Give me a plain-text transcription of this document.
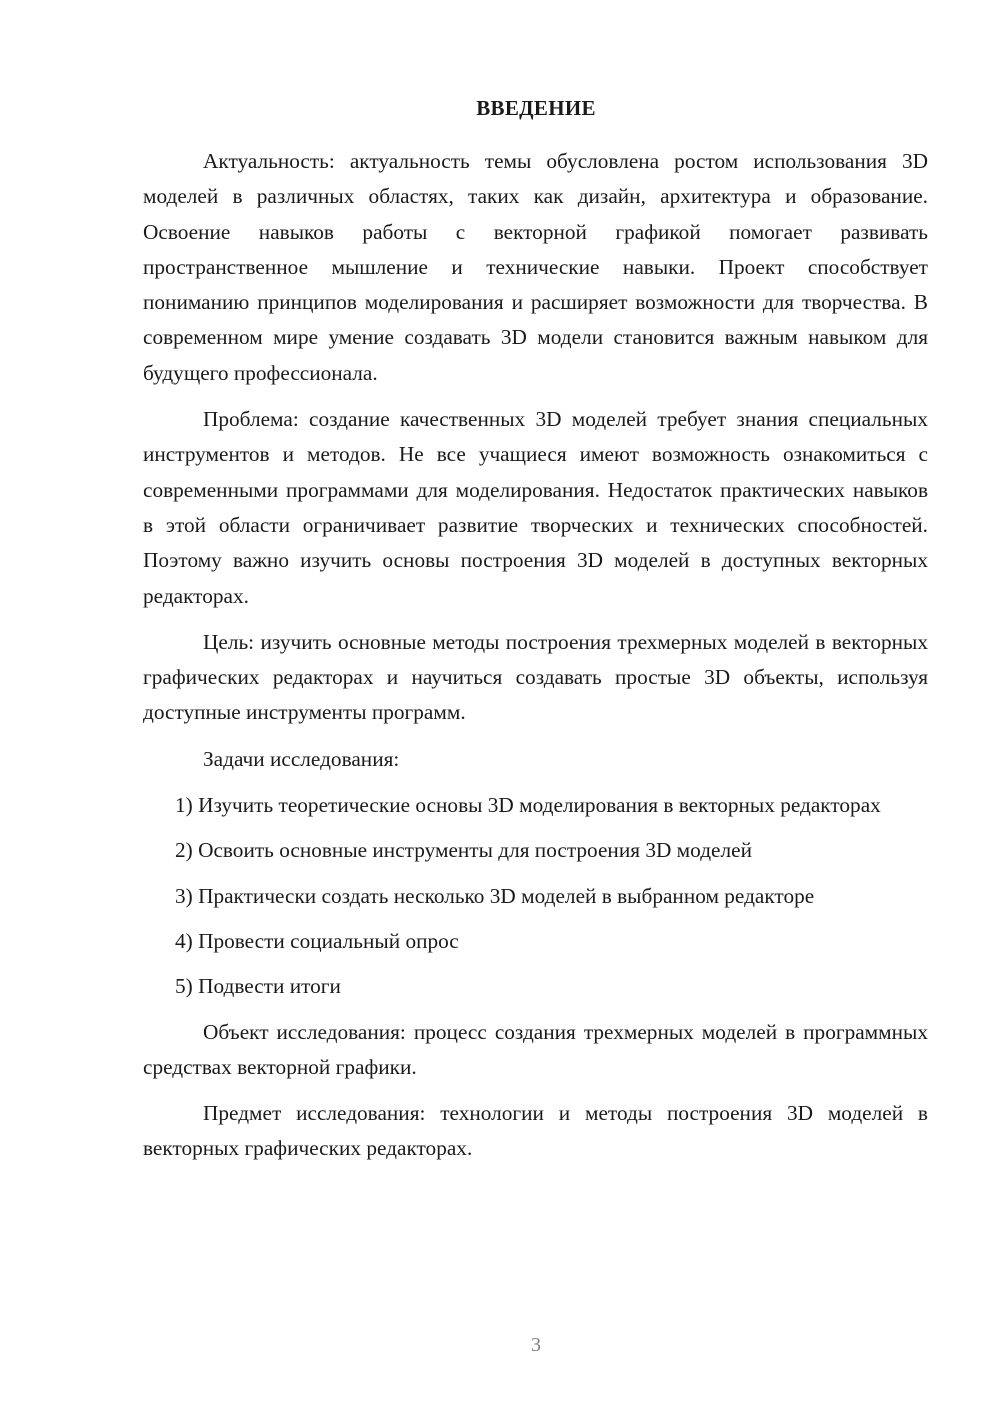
ВВЕДЕНИЕ

Актуальность: актуальность темы обусловлена ростом использования 3D моделей в различных областях, таких как дизайн, архитектура и образование. Освоение навыков работы с векторной графикой помогает развивать пространственное мышление и технические навыки. Проект способствует пониманию принципов моделирования и расширяет возможности для творчества. В современном мире умение создавать 3D модели становится важным навыком для будущего профессионала.

Проблема: создание качественных 3D моделей требует знания специальных инструментов и методов. Не все учащиеся имеют возможность ознакомиться с современными программами для моделирования. Недостаток практических навыков в этой области ограничивает развитие творческих и технических способностей. Поэтому важно изучить основы построения 3D моделей в доступных векторных редакторах.

Цель: изучить основные методы построения трехмерных моделей в векторных графических редакторах и научиться создавать простые 3D объекты, используя доступные инструменты программ.

Задачи исследования:

1) Изучить теоретические основы 3D моделирования в векторных редакторах

2) Освоить основные инструменты для построения 3D моделей

3) Практически создать несколько 3D моделей в выбранном редакторе

4) Провести социальный опрос

5) Подвести итоги

Объект исследования: процесс создания трехмерных моделей в программных средствах векторной графики.

Предмет исследования: технологии и методы построения 3D моделей в векторных графических редакторах.

3
